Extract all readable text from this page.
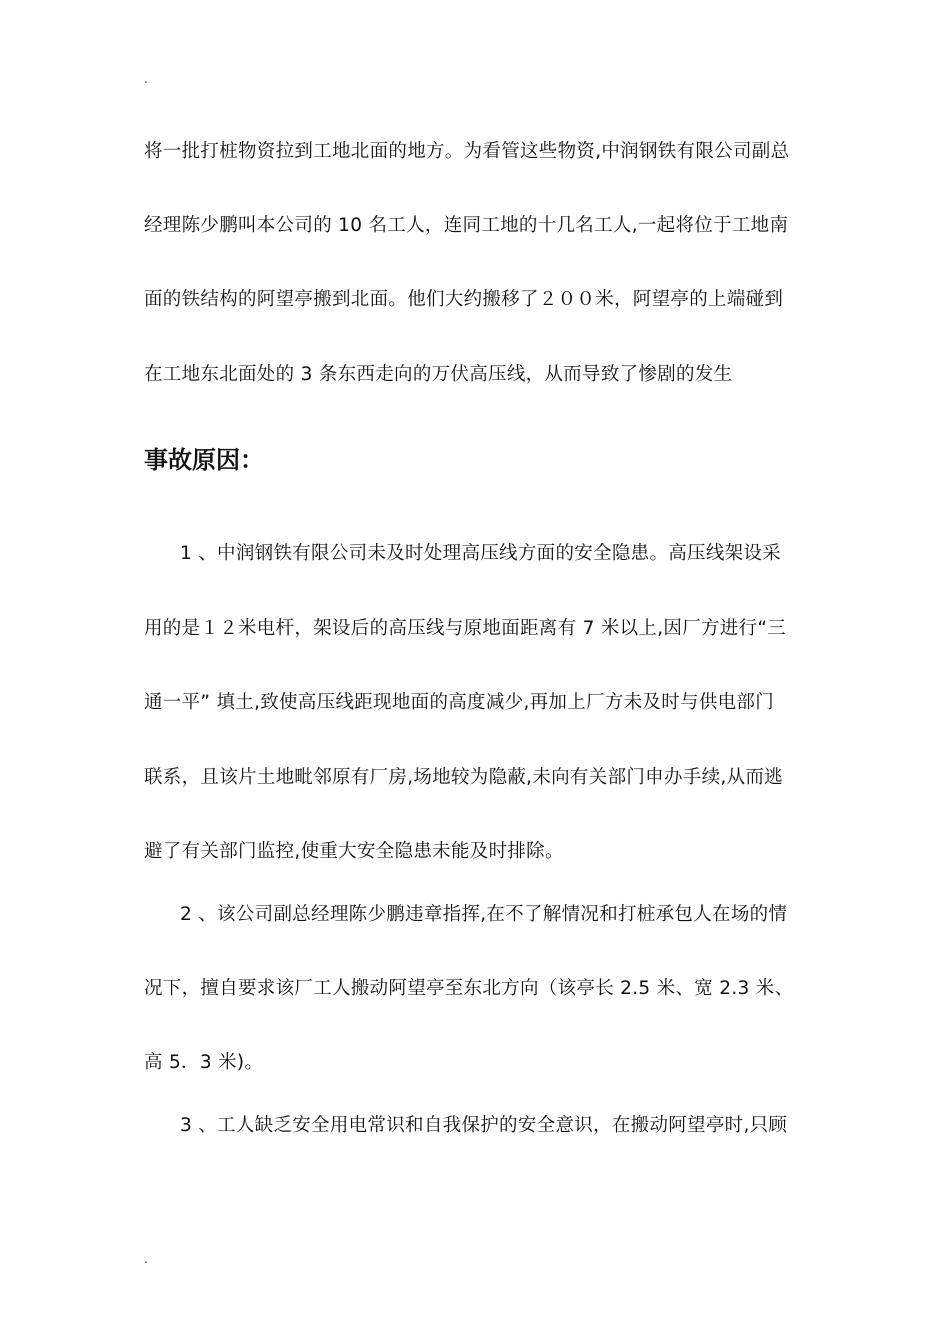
.
将一批打桩物资拉到工地北面的地方。为看管这些物资,中润钢铁有限公司副总
经理陈少鹏叫本公司的 10 名工人，连同工地的十几名工人,一起将位于工地南
面的铁结构的阿望亭搬到北面。他们大约搬移了２００米，阿望亭的上端碰到
在工地东北面处的 3 条东西走向的万伏高压线，从而导致了惨剧的发生
事故原因：
1 、中润钢铁有限公司未及时处理高压线方面的安全隐患。高压线架设采
用的是１２米电杆，架设后的高压线与原地面距离有 7 米以上,因厂方进行“三
通一平” 填土,致使高压线距现地面的高度减少,再加上厂方未及时与供电部门
联系，且该片土地毗邻原有厂房,场地较为隐蔽,未向有关部门申办手续,从而逃
避了有关部门监控,使重大安全隐患未能及时排除。
2 、该公司副总经理陈少鹏违章指挥,在不了解情况和打桩承包人在场的情
况下，擅自要求该厂工人搬动阿望亭至东北方向（该亭长 2.5 米、宽 2.3 米、
高 5．3 米)。
3 、工人缺乏安全用电常识和自我保护的安全意识，在搬动阿望亭时,只顾
.
